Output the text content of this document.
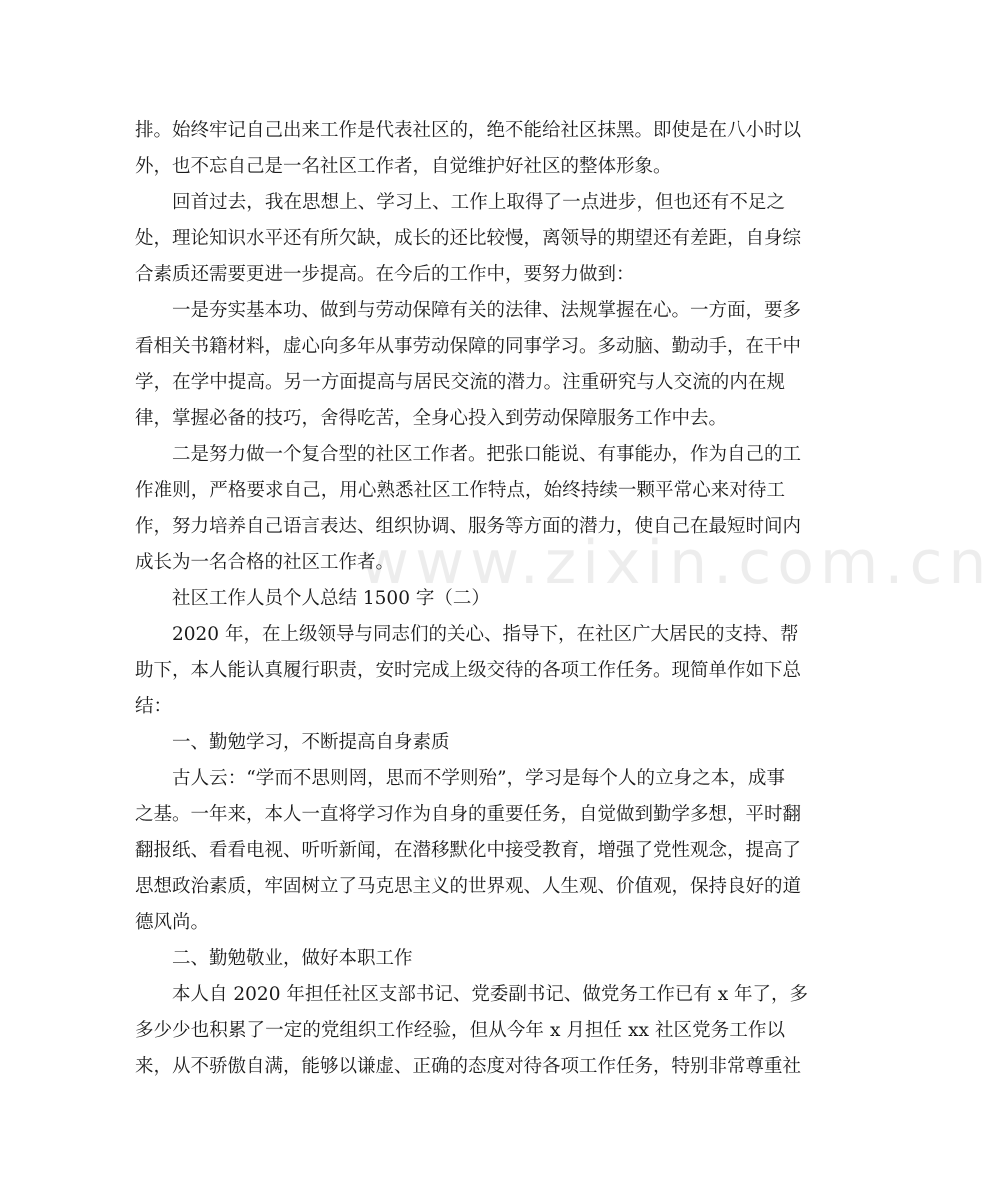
www.zixin.com.cn
排。始终牢记自己出来工作是代表社区的，绝不能给社区抹黑。即使是在八小时以
外，也不忘自己是一名社区工作者，自觉维护好社区的整体形象。
回首过去，我在思想上、学习上、工作上取得了一点进步，但也还有不足之
处，理论知识水平还有所欠缺，成长的还比较慢，离领导的期望还有差距，自身综
合素质还需要更进一步提高。在今后的工作中，要努力做到：
一是夯实基本功、做到与劳动保障有关的法律、法规掌握在心。一方面，要多
看相关书籍材料，虚心向多年从事劳动保障的同事学习。多动脑、勤动手，在干中
学，在学中提高。另一方面提高与居民交流的潜力。注重研究与人交流的内在规
律，掌握必备的技巧，舍得吃苦，全身心投入到劳动保障服务工作中去。
二是努力做一个复合型的社区工作者。把张口能说、有事能办，作为自己的工
作准则，严格要求自己，用心熟悉社区工作特点，始终持续一颗平常心来对待工
作，努力培养自己语言表达、组织协调、服务等方面的潜力，使自己在最短时间内
成长为一名合格的社区工作者。
社区工作人员个人总结 1500 字（二）
2020 年，在上级领导与同志们的关心、指导下，在社区广大居民的支持、帮
助下，本人能认真履行职责，安时完成上级交待的各项工作任务。现简单作如下总
结：
一、勤勉学习，不断提高自身素质
古人云：“学而不思则罔，思而不学则殆”，学习是每个人的立身之本，成事
之基。一年来，本人一直将学习作为自身的重要任务，自觉做到勤学多想，平时翻
翻报纸、看看电视、听听新闻，在潜移默化中接受教育，增强了党性观念，提高了
思想政治素质，牢固树立了马克思主义的世界观、人生观、价值观，保持良好的道
德风尚。
二、勤勉敬业，做好本职工作
本人自 2020 年担任社区支部书记、党委副书记、做党务工作已有 x 年了，多
多少少也积累了一定的党组织工作经验，但从今年 x 月担任 xx 社区党务工作以
来，从不骄傲自满，能够以谦虚、正确的态度对待各项工作任务，特别非常尊重社
